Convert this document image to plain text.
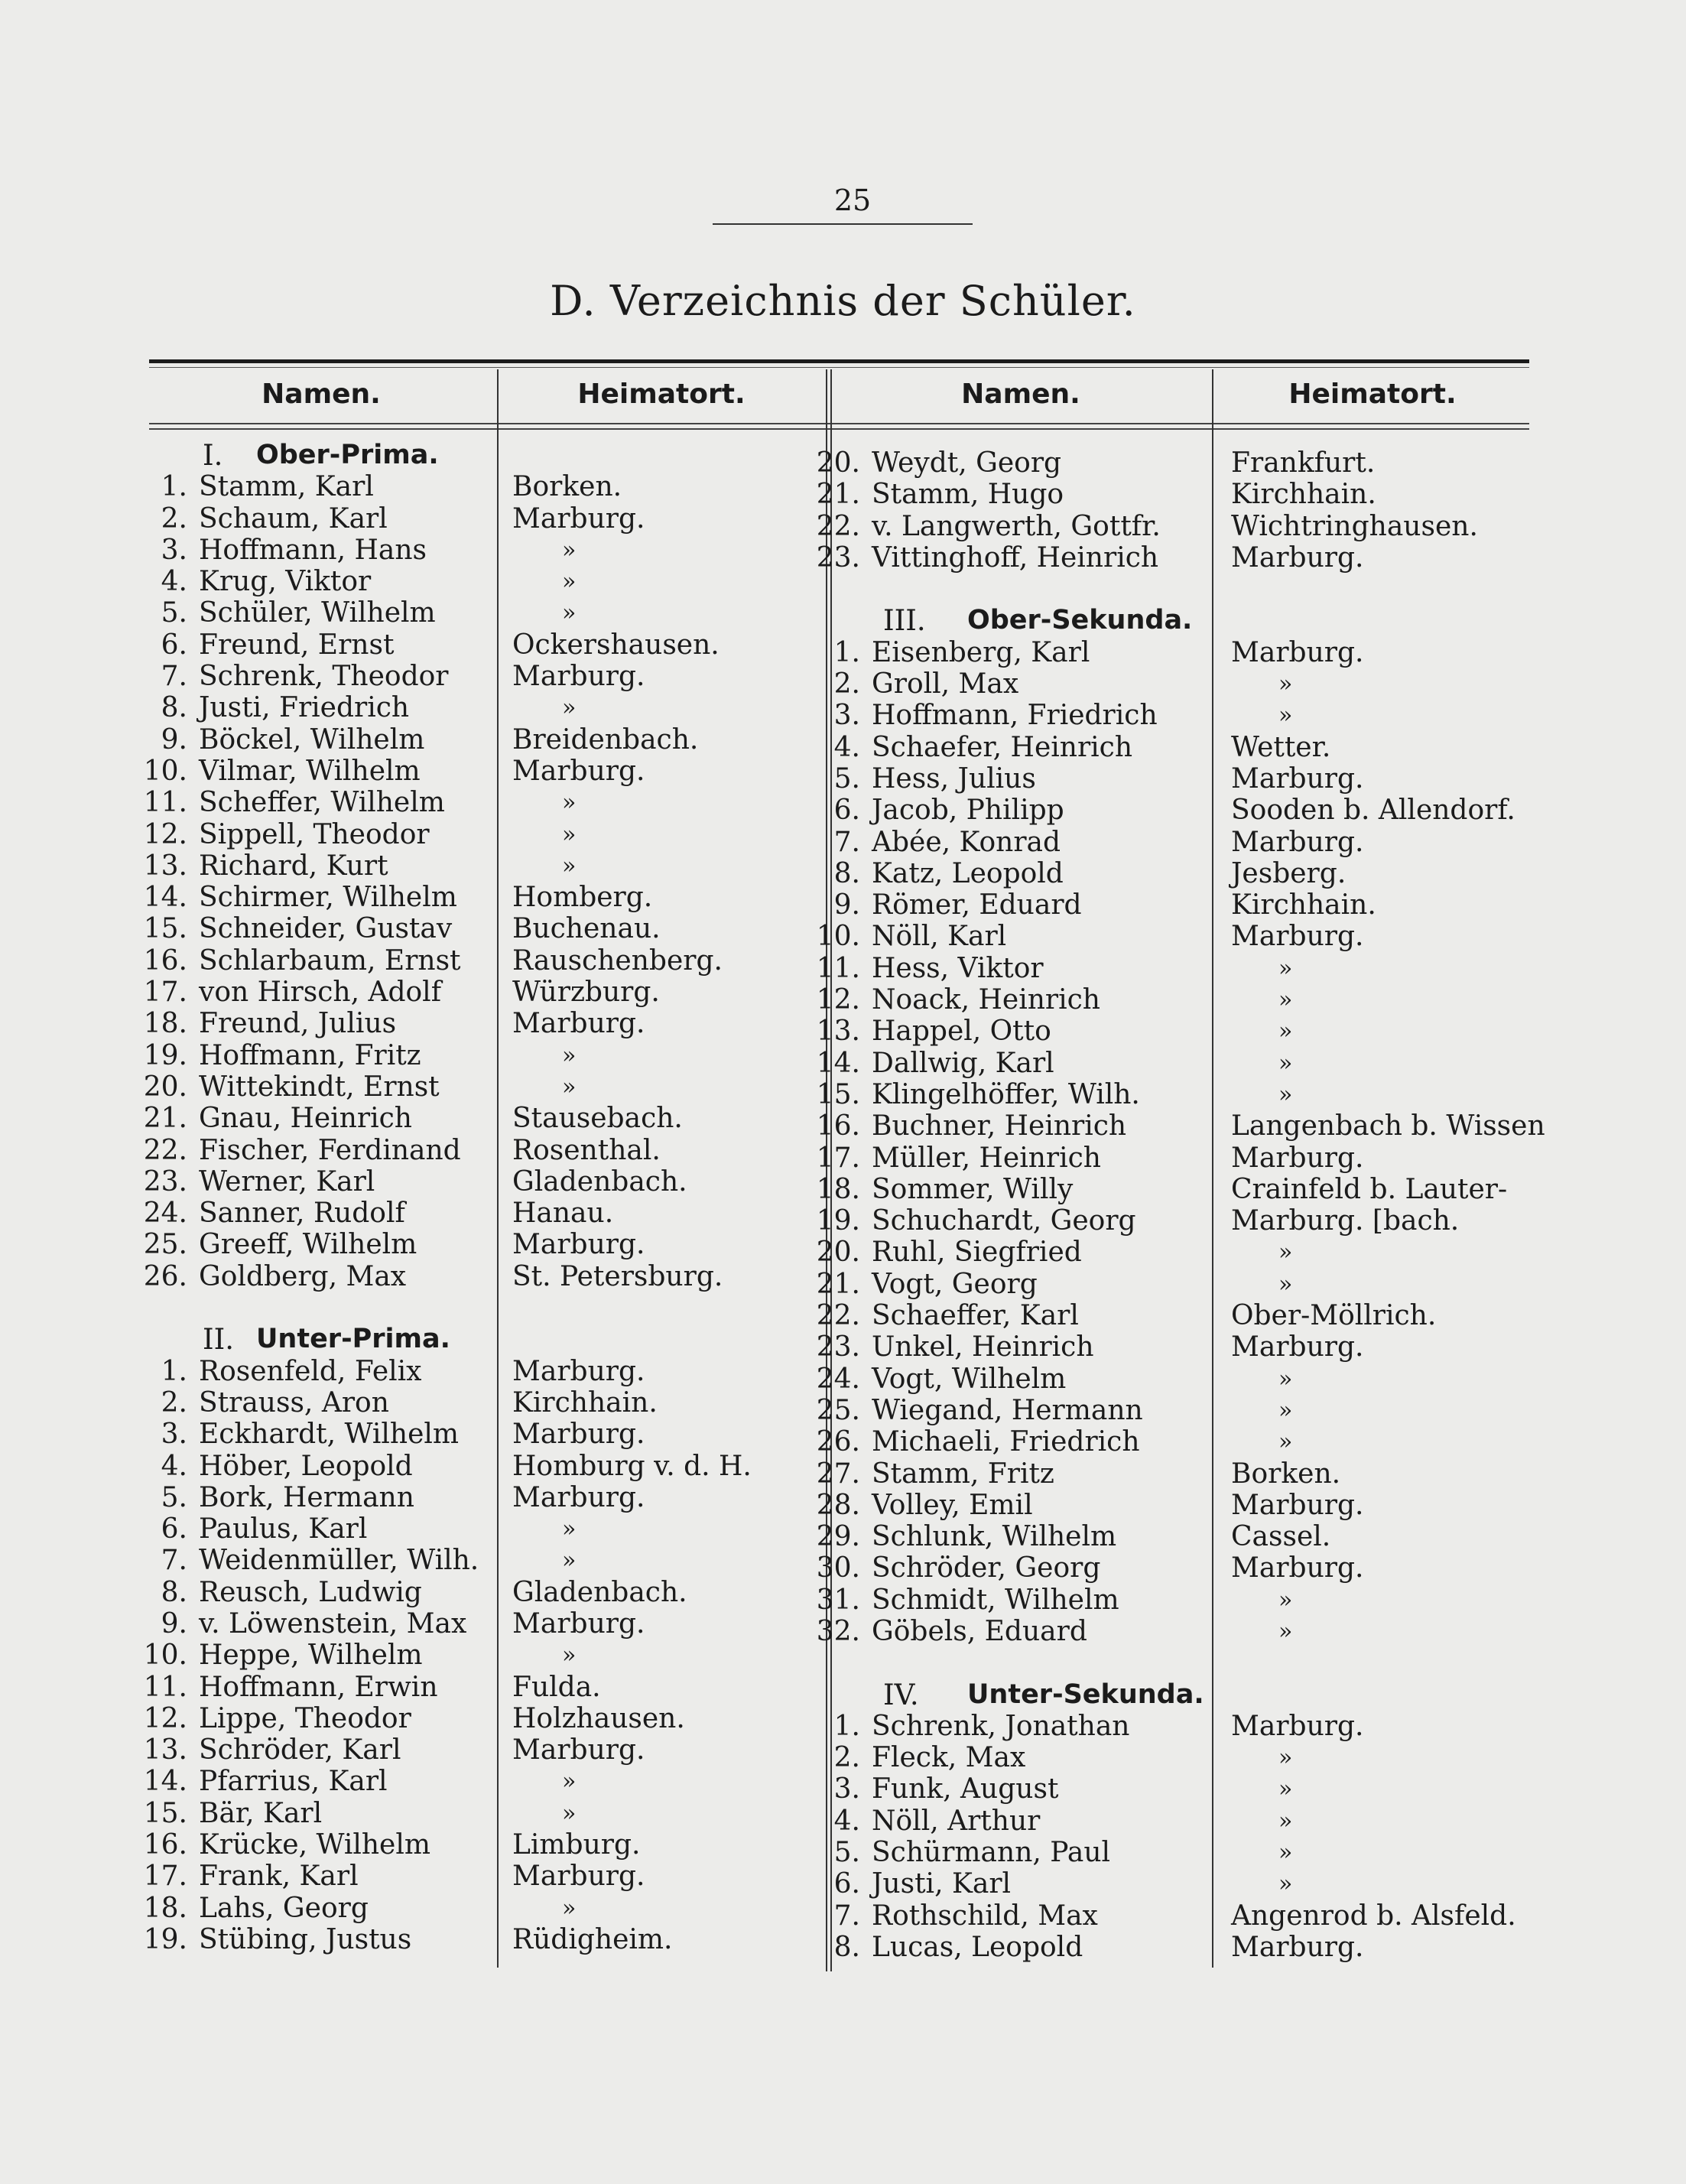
25
D. Verzeichnis der Schüler.
Namen.	Heimatort.	Namen.	Heimatort.
I. Ober-Prima.
1. Stamm, Karl	Borken.
2. Schaum, Karl	Marburg.
3. Hoffmann, Hans	»
4. Krug, Viktor	»
5. Schüler, Wilhelm	»
6. Freund, Ernst	Ockershausen.
7. Schrenk, Theodor Marburg.
8. Justi, Friedrich	»
9. Böckel, Wilhelm	Breidenbach.
10. Vilmar, Wilhelm	Marburg.
11. Scheffer, Wilhelm	»
12. Sippell, Theodor	»
13. Richard, Kurt	»
14. Schirmer, Wilhelm Homberg.
15. Schneider, Gustav Buchenau.
16. Schlarbaum, Ernst Rauschenberg.
17. von Hirsch, Adolf	Würzburg.
18. Freund, Julius	Marburg.
19. Hoffmann, Fritz	»
20. Wittekindt, Ernst	»
21. Gnau, Heinrich	Stausebach.
22. Fischer, Ferdinand Rosenthal.
23. Werner, Karl	Gladenbach.
24. Sanner, Rudolf	Hanau.
25. Greeff, Wilhelm	Marburg.
26. Goldberg, Max	St. Petersburg.
II. Unter-Prima.
1. Rosenfeld, Felix	Marburg.
2. Strauss, Aron	Kirchhain.
3. Eckhardt, Wilhelm Marburg.
4. Höber, Leopold	Homburg v. d. H.
5. Bork, Hermann	Marburg.
6. Paulus, Karl	»
7. Weidenmüller, Wilh.	»
8. Reusch, Ludwig	Gladenbach.
9. v. Löwenstein, Max Marburg.
10. Heppe, Wilhelm	»
11. Hoffmann, Erwin	Fulda.
12. Lippe, Theodor	Holzhausen.
13. Schröder, Karl	Marburg.
14. Pfarrius, Karl	»
15. Bär, Karl	»
16. Krücke, Wilhelm	Limburg.
17. Frank, Karl	Marburg.
18. Lahs, Georg	»
19. Stübing, Justus	Rüdigheim.
20. Weydt, Georg	Frankfurt.
21. Stamm, Hugo	Kirchhain.
22. v. Langwerth, Gottfr.	Wichtringhausen.
23. Vittinghoff, Heinrich	Marburg.
III. Ober-Sekunda.
1. Eisenberg, Karl	Marburg.
2. Groll, Max	»
3. Hoffmann, Friedrich	»
4. Schaefer, Heinrich	Wetter.
5. Hess, Julius	Marburg.
6. Jacob, Philipp	Sooden b. Allendorf.
7. Abée, Konrad	Marburg.
8. Katz, Leopold	Jesberg.
9. Römer, Eduard	Kirchhain.
10. Nöll, Karl	Marburg.
11. Hess, Viktor	»
12. Noack, Heinrich	»
13. Happel, Otto	»
14. Dallwig, Karl	»
15. Klingelhöffer, Wilh.	»
16. Buchner, Heinrich	Langenbach b. Wissen
17. Müller, Heinrich	Marburg.
18. Sommer, Willy	Crainfeld b. Lauter-
19. Schuchardt, Georg	Marburg. [bach.
20. Ruhl, Siegfried	»
21. Vogt, Georg	»
22. Schaeffer, Karl	Ober-Möllrich.
23. Unkel, Heinrich	Marburg.
24. Vogt, Wilhelm	»
25. Wiegand, Hermann	»
26. Michaeli, Friedrich	»
27. Stamm, Fritz	Borken.
28. Volley, Emil	Marburg.
29. Schlunk, Wilhelm	Cassel.
30. Schröder, Georg	Marburg.
31. Schmidt, Wilhelm	»
32. Göbels, Eduard	»
IV. Unter-Sekunda.
1. Schrenk, Jonathan	Marburg.
2. Fleck, Max	»
3. Funk, August	»
4. Nöll, Arthur	»
5. Schürmann, Paul	»
6. Justi, Karl	»
7. Rothschild, Max	Angenrod b. Alsfeld.
8. Lucas, Leopold	Marburg.
